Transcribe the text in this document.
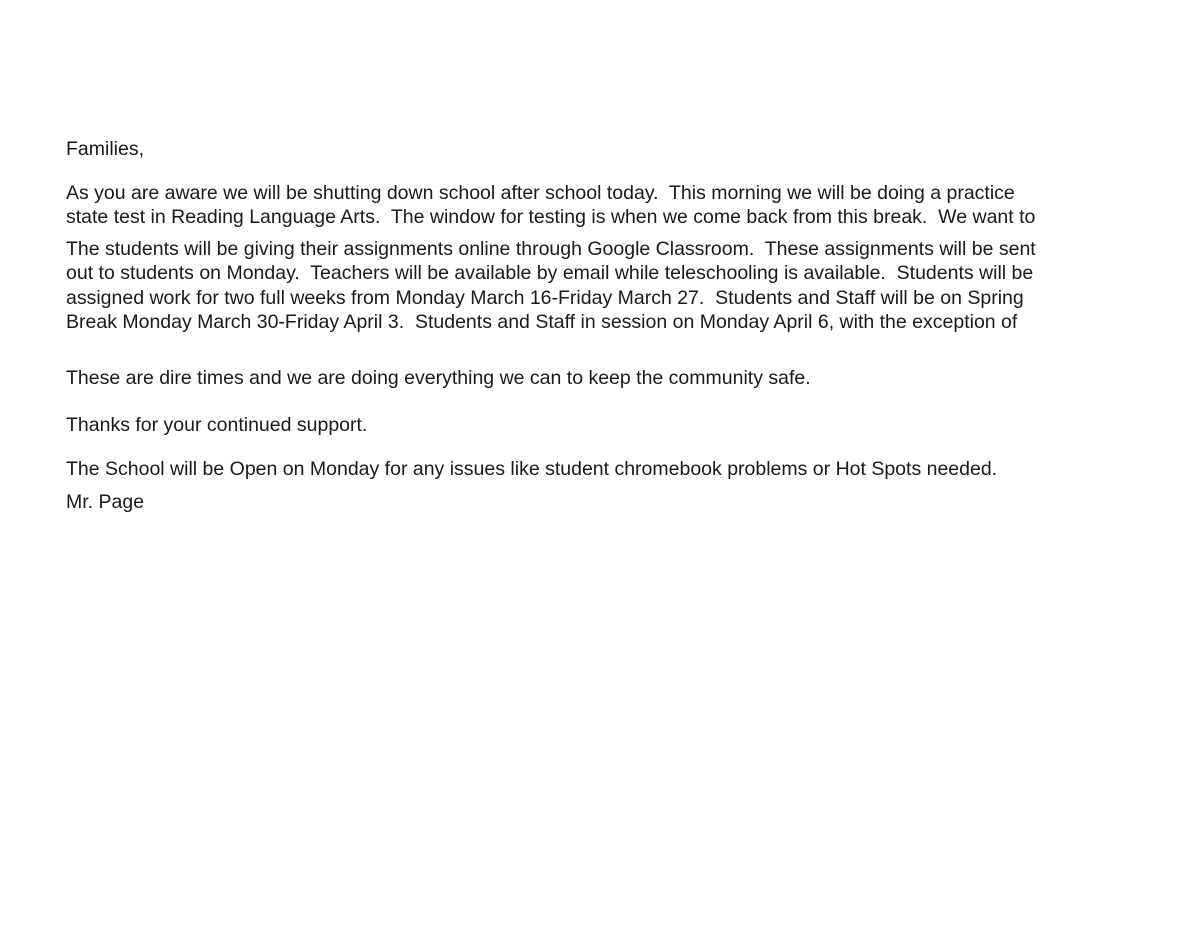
Families,

As you are aware we will be shutting down school after school today.  This morning we will be doing a practice

state test in Reading Language Arts.  The window for testing is when we come back from this break.  We want to

The students will be giving their assignments online through Google Classroom.  These assignments will be sent

out to students on Monday.  Teachers will be available by email while teleschooling is available.  Students will be

assigned work for two full weeks from Monday March 16-Friday March 27.  Students and Staff will be on Spring

Break Monday March 30-Friday April 3.  Students and Staff in session on Monday April 6, with the exception of

These are dire times and we are doing everything we can to keep the community safe.

Thanks for your continued support.

The School will be Open on Monday for any issues like student chromebook problems or Hot Spots needed.

Mr. Page
